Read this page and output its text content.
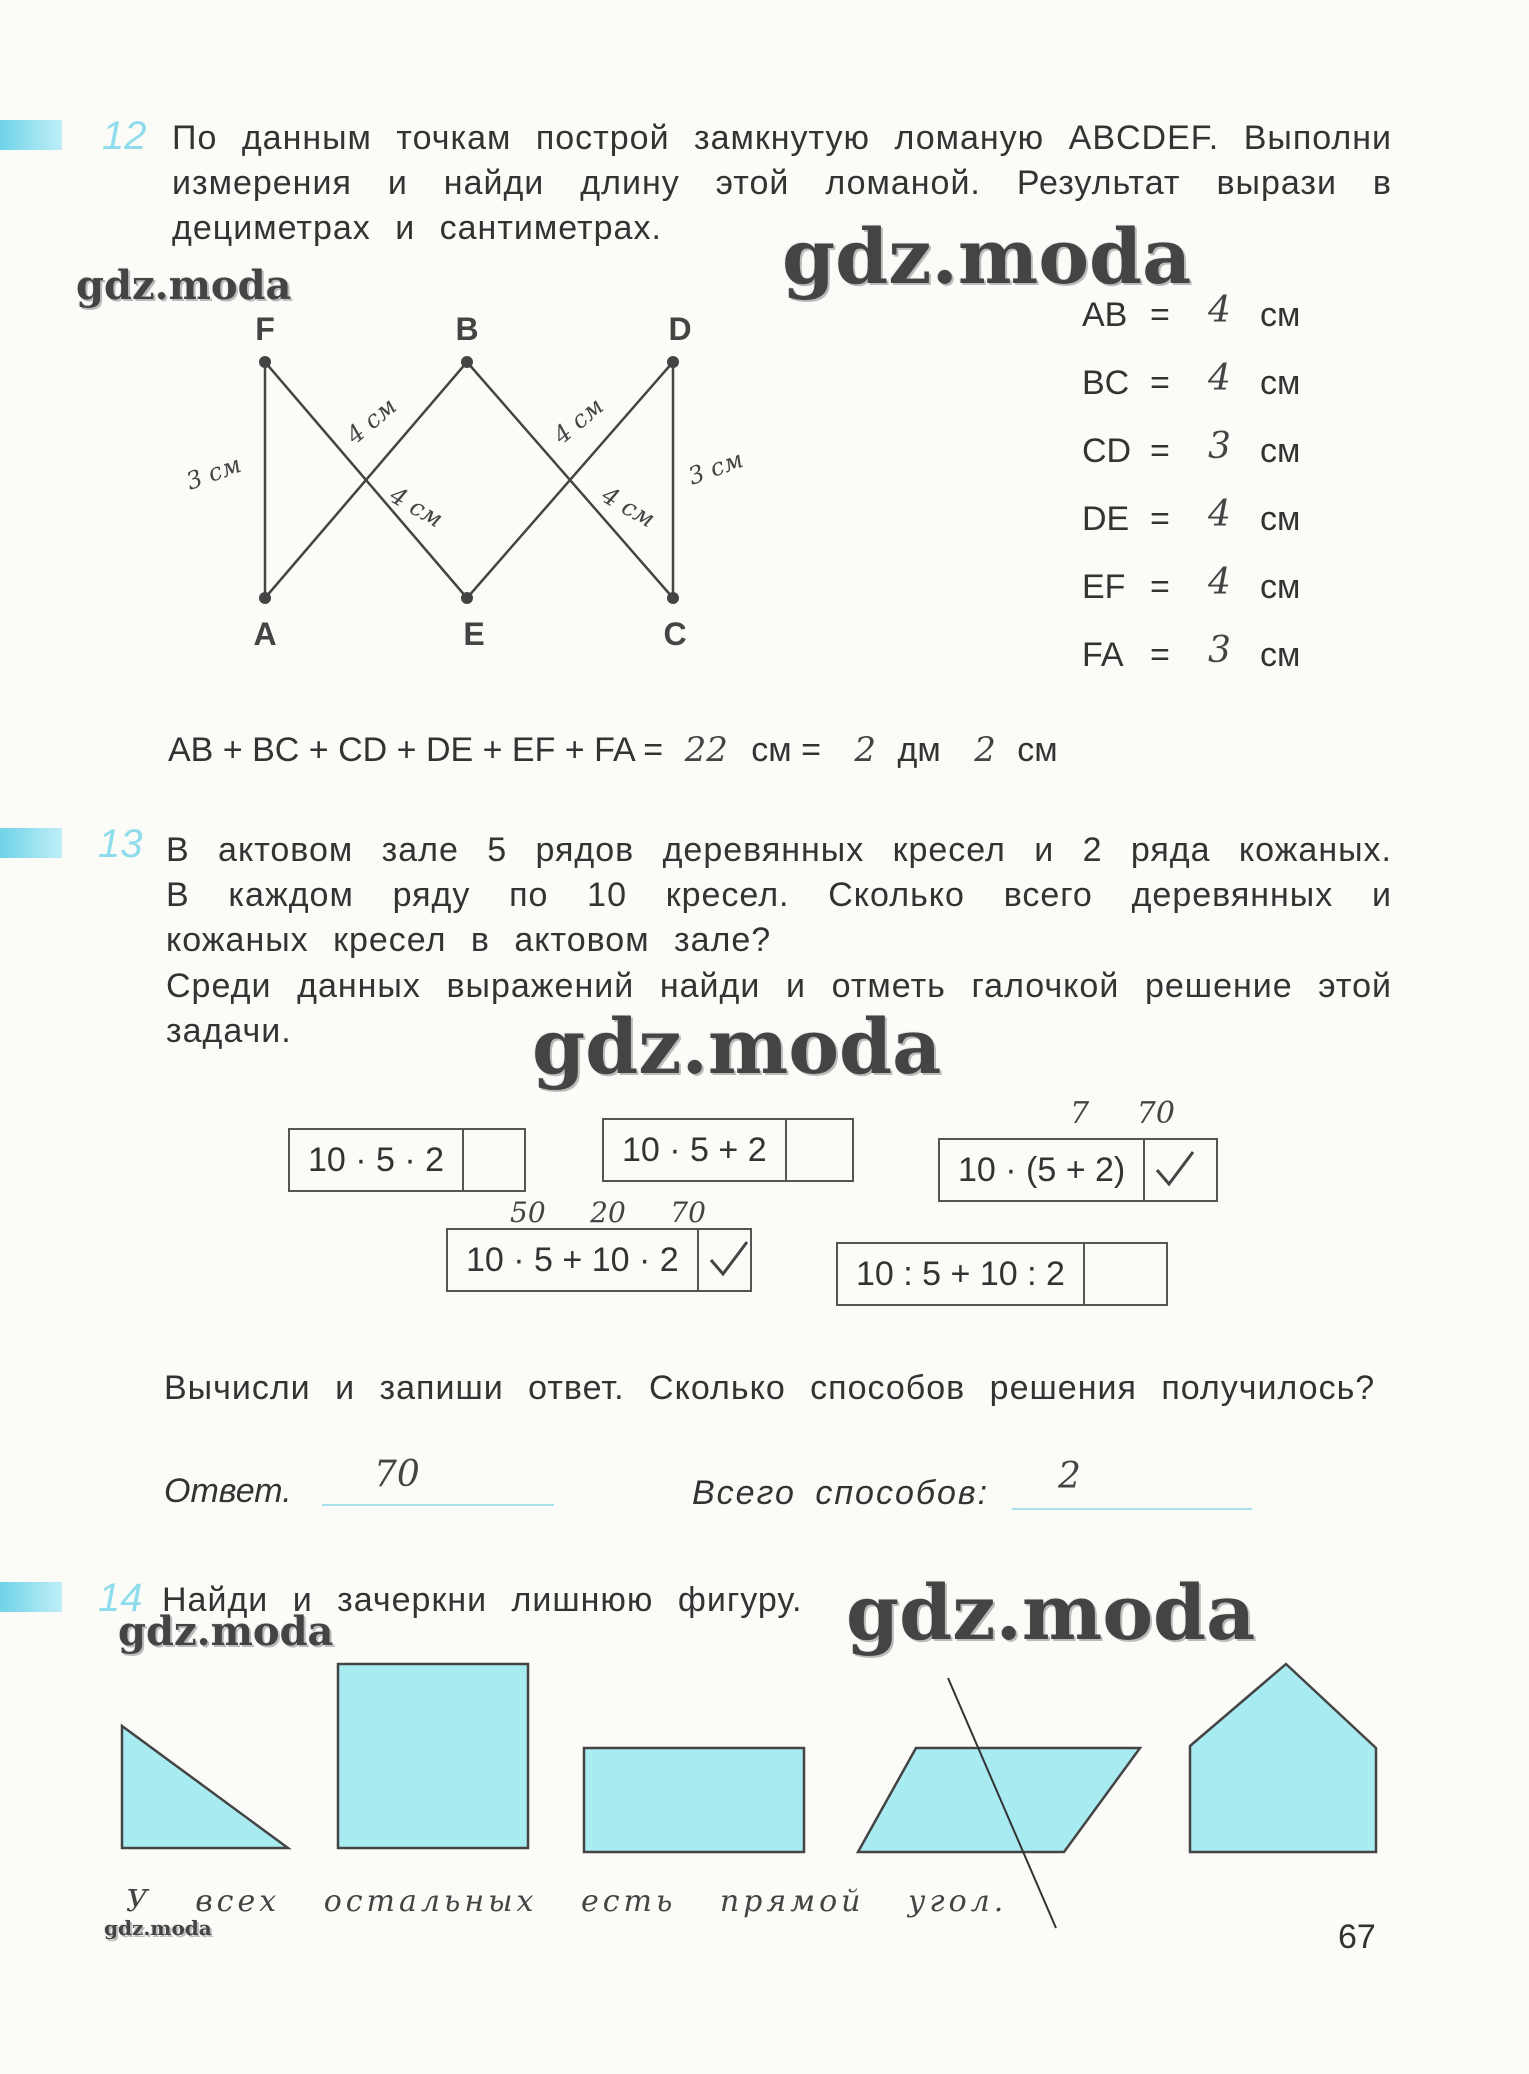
gdz.moda
gdz.moda
gdz.moda
gdz.moda
gdz.moda
gdz.moda
12 По данным точкам построй замкнутую ломаную ABCDEF. Выполни измерения и найди длину этой ломаной. Результат вырази в дециметрах и сантиметрах.
F	B	D
A	E	C
3 см
4 см	4 см
4 см	4 см
3 см
AB = 4 см
BC = 4 см
CD = 3 см
DE = 4 см
EF = 4 см
FA = 3 см
AB + BC + CD + DE + EF + FA = 22 см = 2 дм 2 см
13 В актовом зале 5 рядов деревянных кресел и 2 ряда кожаных. В каждом ряду по 10 кресел. Сколько всего деревянных и кожаных кресел в актовом зале?
Среди данных выражений найди и отметь галочкой решение этой задачи.
10 · 5 · 2	10 · 5 + 2
10 · (5 + 2)
7     70
10 · 5 + 10 · 2
50     20     70
10 : 5 + 10 : 2
Вычисли и запиши ответ. Сколько способов решения получилось?
Ответ. 70	Всего способов: 2
14 Найди и зачеркни лишнюю фигуру.
У всех остальных есть прямой угол.
67
